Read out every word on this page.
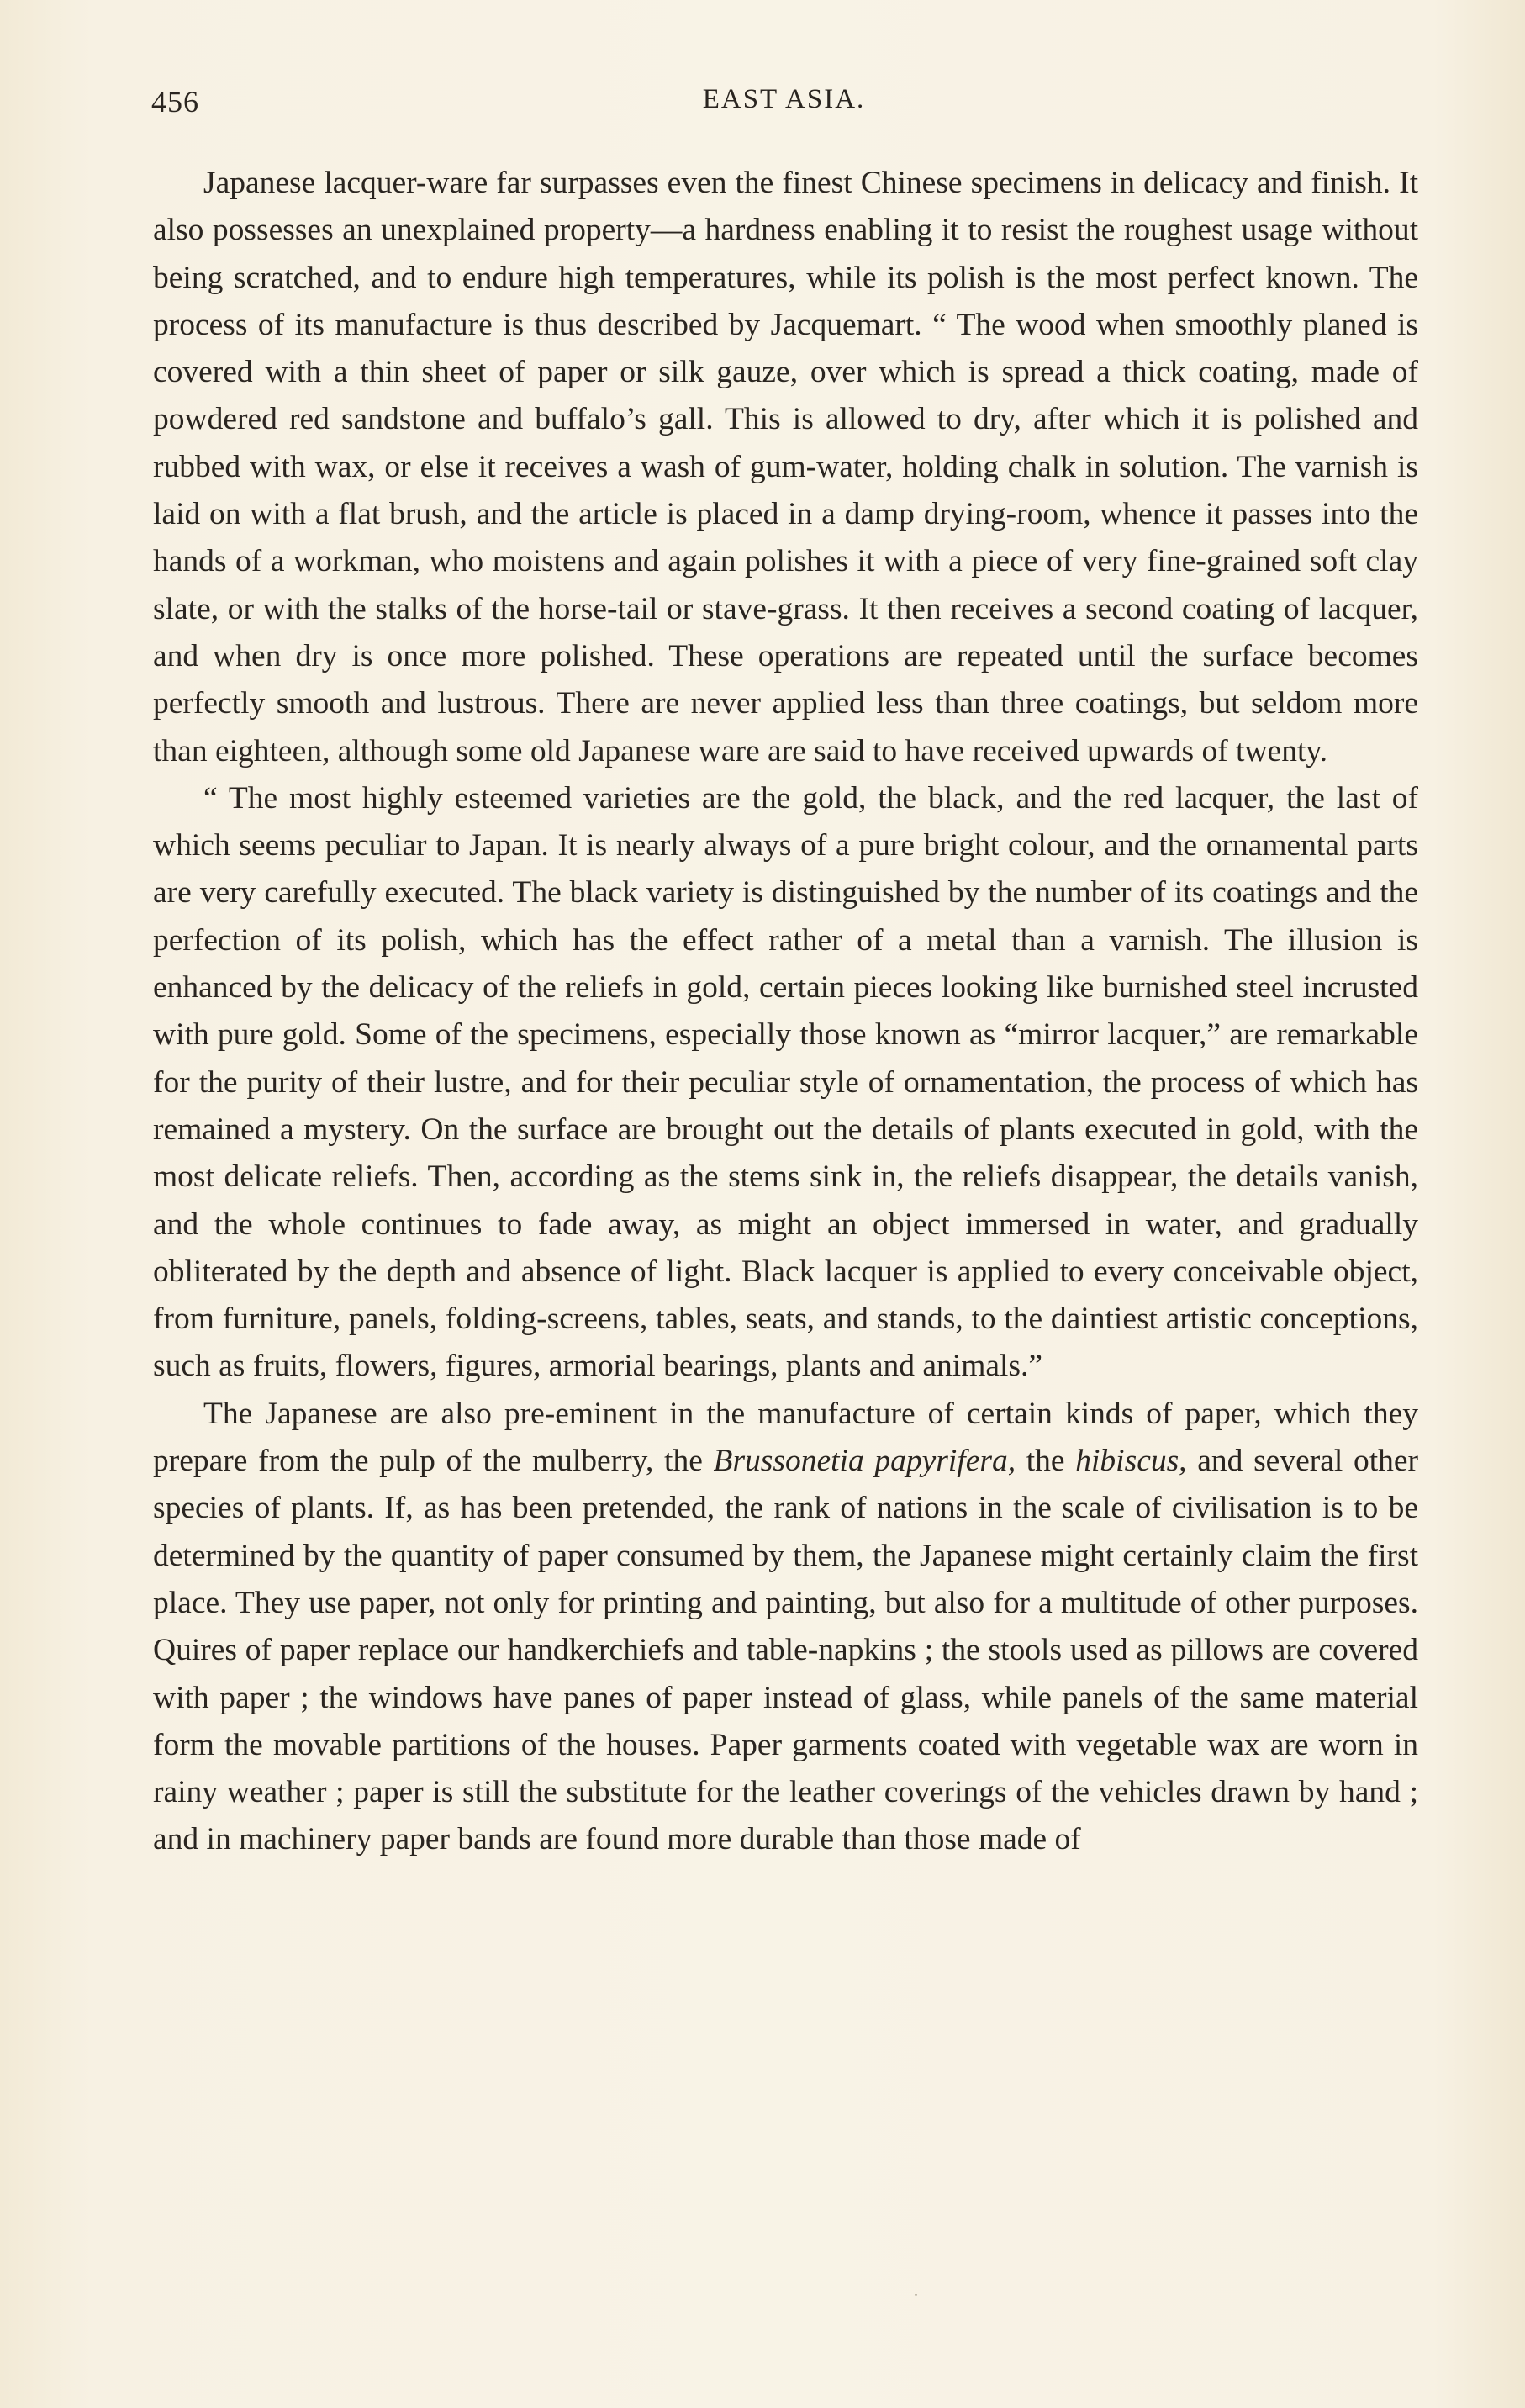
456	EAST ASIA.

Japanese lacquer-ware far surpasses even the finest Chinese specimens in delicacy and finish. It also possesses an unexplained property—a hardness enabling it to resist the roughest usage without being scratched, and to endure high temperatures, while its polish is the most perfect known. The process of its manufacture is thus described by Jacquemart. “ The wood when smoothly planed is covered with a thin sheet of paper or silk gauze, over which is spread a thick coating, made of powdered red sandstone and buffalo’s gall. This is allowed to dry, after which it is polished and rubbed with wax, or else it receives a wash of gum-water, holding chalk in solution. The varnish is laid on with a flat brush, and the article is placed in a damp drying-room, whence it passes into the hands of a workman, who moistens and again polishes it with a piece of very fine-grained soft clay slate, or with the stalks of the horse-tail or stave-grass. It then receives a second coating of lacquer, and when dry is once more polished. These operations are repeated until the surface becomes perfectly smooth and lustrous. There are never applied less than three coatings, but seldom more than eighteen, although some old Japanese ware are said to have received upwards of twenty.

“ The most highly esteemed varieties are the gold, the black, and the red lacquer, the last of which seems peculiar to Japan. It is nearly always of a pure bright colour, and the ornamental parts are very carefully executed. The black variety is distinguished by the number of its coatings and the perfection of its polish, which has the effect rather of a metal than a varnish. The illusion is enhanced by the delicacy of the reliefs in gold, certain pieces looking like burnished steel incrusted with pure gold. Some of the specimens, especially those known as “mirror lacquer,” are remarkable for the purity of their lustre, and for their peculiar style of ornamentation, the process of which has remained a mystery. On the surface are brought out the details of plants executed in gold, with the most delicate reliefs. Then, according as the stems sink in, the reliefs disappear, the details vanish, and the whole continues to fade away, as might an object immersed in water, and gradually obliterated by the depth and absence of light. Black lacquer is applied to every conceivable object, from furniture, panels, folding-screens, tables, seats, and stands, to the daintiest artistic conceptions, such as fruits, flowers, figures, armorial bearings, plants and animals.”

The Japanese are also pre-eminent in the manufacture of certain kinds of paper, which they prepare from the pulp of the mulberry, the Brussonetia papyrifera, the hibiscus, and several other species of plants. If, as has been pretended, the rank of nations in the scale of civilisation is to be determined by the quantity of paper consumed by them, the Japanese might certainly claim the first place. They use paper, not only for printing and painting, but also for a multitude of other purposes. Quires of paper replace our handkerchiefs and table-napkins ; the stools used as pillows are covered with paper ; the windows have panes of paper instead of glass, while panels of the same material form the movable partitions of the houses. Paper garments coated with vegetable wax are worn in rainy weather ; paper is still the substitute for the leather coverings of the vehicles drawn by hand ; and in machinery paper bands are found more durable than those made of
